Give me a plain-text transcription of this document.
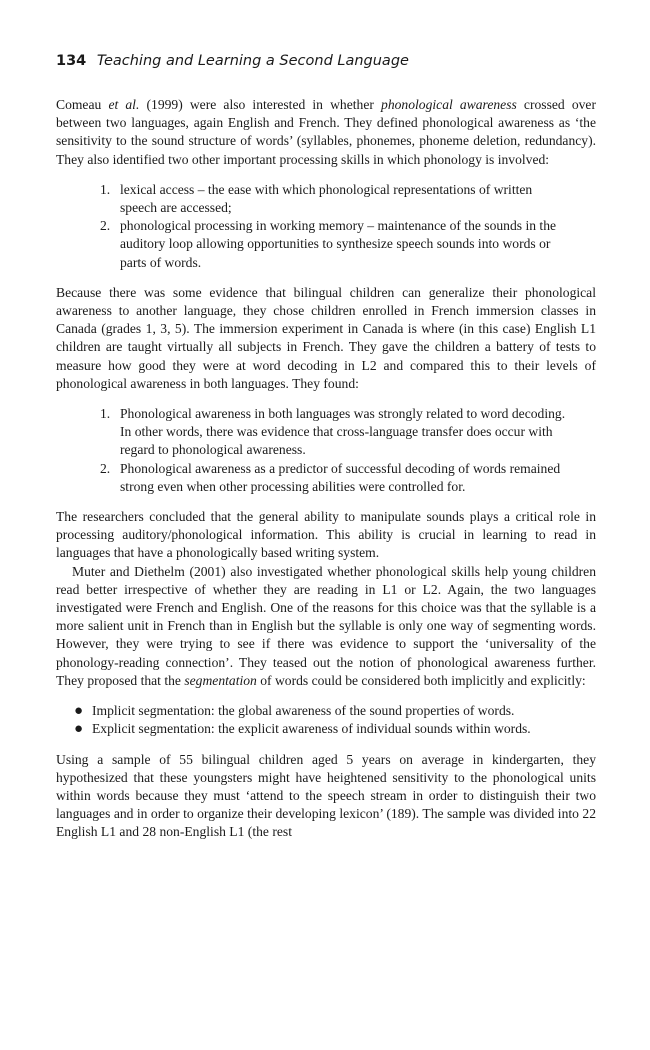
134 Teaching and Learning a Second Language

Comeau et al. (1999) were also interested in whether phonological awareness crossed over between two languages, again English and French. They defined phonological awareness as ‘the sensitivity to the sound structure of words’ (syllables, phonemes, phoneme deletion, redundancy). They also identified two other important processing skills in which phonology is involved:

1. lexical access – the ease with which phonological representations of written speech are accessed;
2. phonological processing in working memory – maintenance of the sounds in the auditory loop allowing opportunities to synthesize speech sounds into words or parts of words.

Because there was some evidence that bilingual children can generalize their phonological awareness to another language, they chose children enrolled in French immersion classes in Canada (grades 1, 3, 5). The immersion experiment in Canada is where (in this case) English L1 children are taught virtually all subjects in French. They gave the children a battery of tests to measure how good they were at word decoding in L2 and compared this to their levels of phonological awareness in both languages. They found:

1. Phonological awareness in both languages was strongly related to word decoding. In other words, there was evidence that cross-language transfer does occur with regard to phonological awareness.
2. Phonological awareness as a predictor of successful decoding of words remained strong even when other processing abilities were controlled for.

The researchers concluded that the general ability to manipulate sounds plays a critical role in processing auditory/phonological information. This ability is crucial in learning to read in languages that have a phonologically based writing system.

Muter and Diethelm (2001) also investigated whether phonological skills help young children read better irrespective of whether they are reading in L1 or L2. Again, the two languages investigated were French and English. One of the reasons for this choice was that the syllable is a more salient unit in French than in English but the syllable is only one way of segmenting words. However, they were trying to see if there was evidence to support the ‘universality of the phonology-reading connection’. They teased out the notion of phonological awareness further. They proposed that the segmentation of words could be considered both implicitly and explicitly:

● Implicit segmentation: the global awareness of the sound properties of words.
● Explicit segmentation: the explicit awareness of individual sounds within words.

Using a sample of 55 bilingual children aged 5 years on average in kindergarten, they hypothesized that these youngsters might have heightened sensitivity to the phonological units within words because they must ‘attend to the speech stream in order to distinguish their two languages and in order to organize their developing lexicon’ (189). The sample was divided into 22 English L1 and 28 non-English L1 (the rest
